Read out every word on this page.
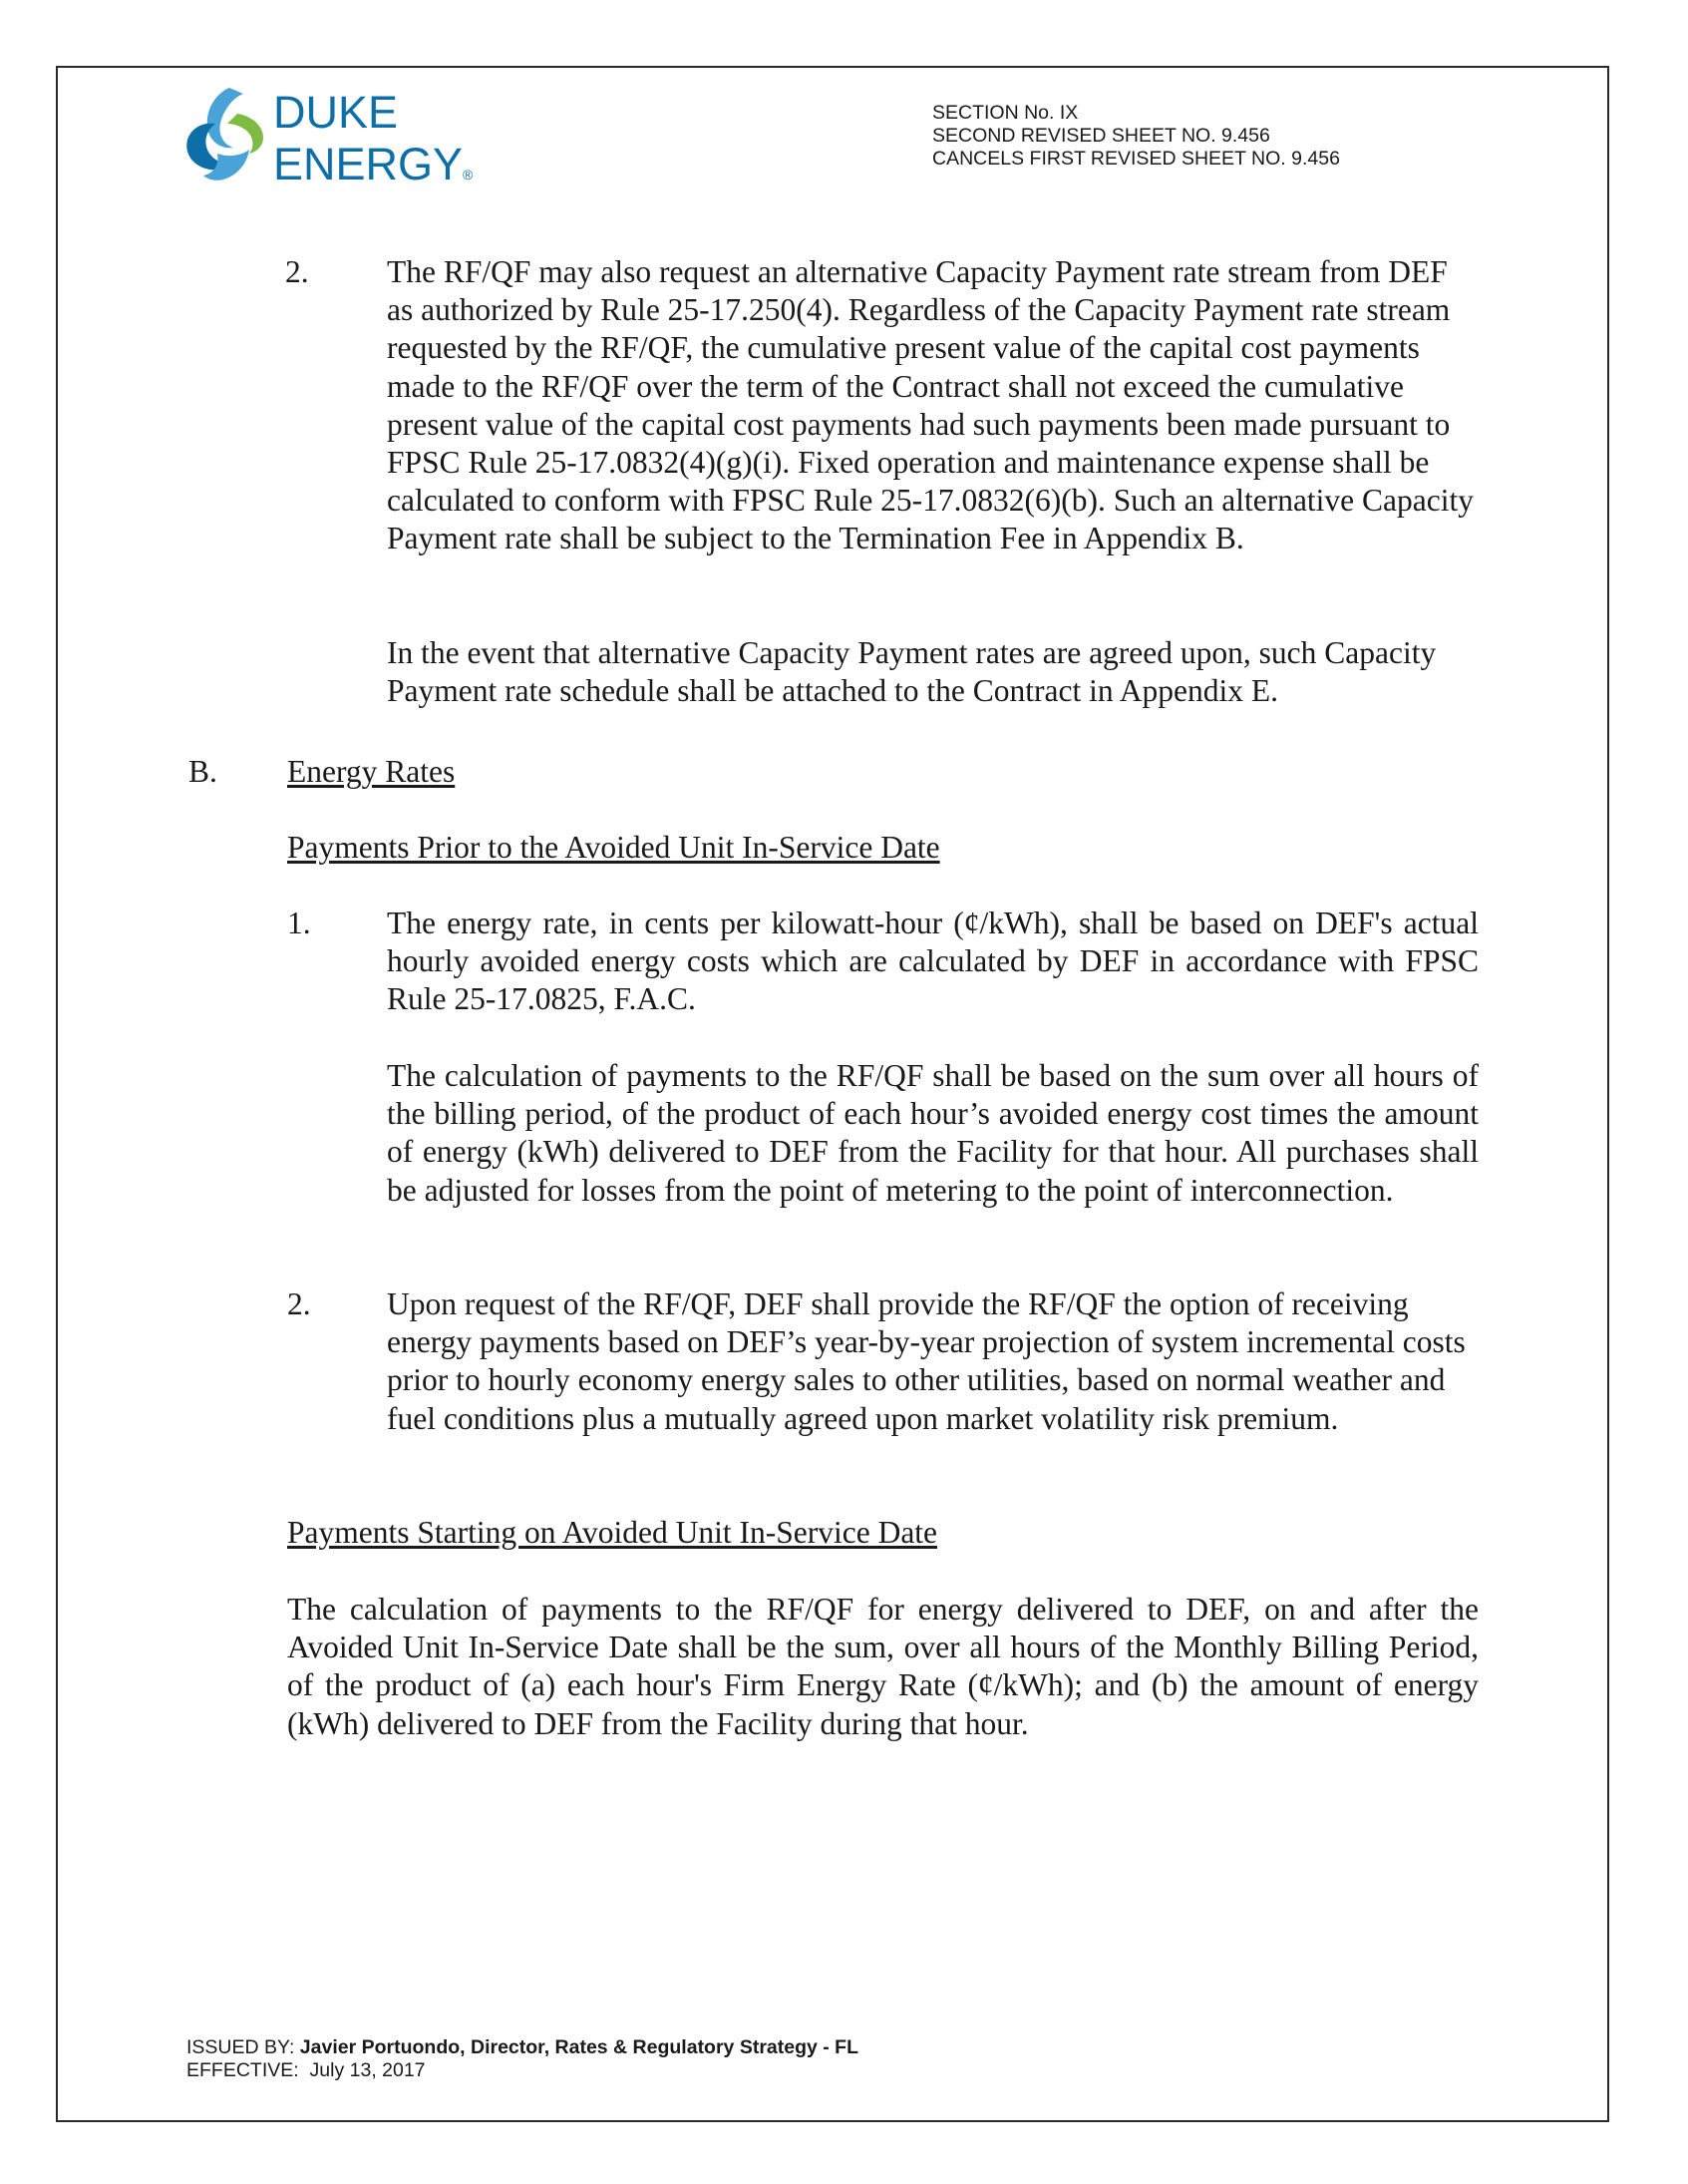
DUKE
ENERGY®
SECTION No. IX
SECOND REVISED SHEET NO. 9.456
CANCELS FIRST REVISED SHEET NO. 9.456
2. The RF/QF may also request an alternative Capacity Payment rate stream from DEF as authorized by Rule 25-17.250(4). Regardless of the Capacity Payment rate stream requested by the RF/QF, the cumulative present value of the capital cost payments made to the RF/QF over the term of the Contract shall not exceed the cumulative present value of the capital cost payments had such payments been made pursuant to FPSC Rule 25-17.0832(4)(g)(i). Fixed operation and maintenance expense shall be calculated to conform with FPSC Rule 25-17.0832(6)(b). Such an alternative Capacity Payment rate shall be subject to the Termination Fee in Appendix B.
In the event that alternative Capacity Payment rates are agreed upon, such Capacity Payment rate schedule shall be attached to the Contract in Appendix E.
B. Energy Rates
Payments Prior to the Avoided Unit In-Service Date
1. The energy rate, in cents per kilowatt-hour (¢/kWh), shall be based on DEF's actual hourly avoided energy costs which are calculated by DEF in accordance with FPSC Rule 25-17.0825, F.A.C.
The calculation of payments to the RF/QF shall be based on the sum over all hours of the billing period, of the product of each hour’s avoided energy cost times the amount of energy (kWh) delivered to DEF from the Facility for that hour. All purchases shall be adjusted for losses from the point of metering to the point of interconnection.
2. Upon request of the RF/QF, DEF shall provide the RF/QF the option of receiving energy payments based on DEF’s year-by-year projection of system incremental costs prior to hourly economy energy sales to other utilities, based on normal weather and fuel conditions plus a mutually agreed upon market volatility risk premium.
Payments Starting on Avoided Unit In-Service Date
The calculation of payments to the RF/QF for energy delivered to DEF, on and after the Avoided Unit In-Service Date shall be the sum, over all hours of the Monthly Billing Period, of the product of (a) each hour's Firm Energy Rate (¢/kWh); and (b) the amount of energy (kWh) delivered to DEF from the Facility during that hour.
ISSUED BY: Javier Portuondo, Director, Rates & Regulatory Strategy - FL
EFFECTIVE: July 13, 2017
